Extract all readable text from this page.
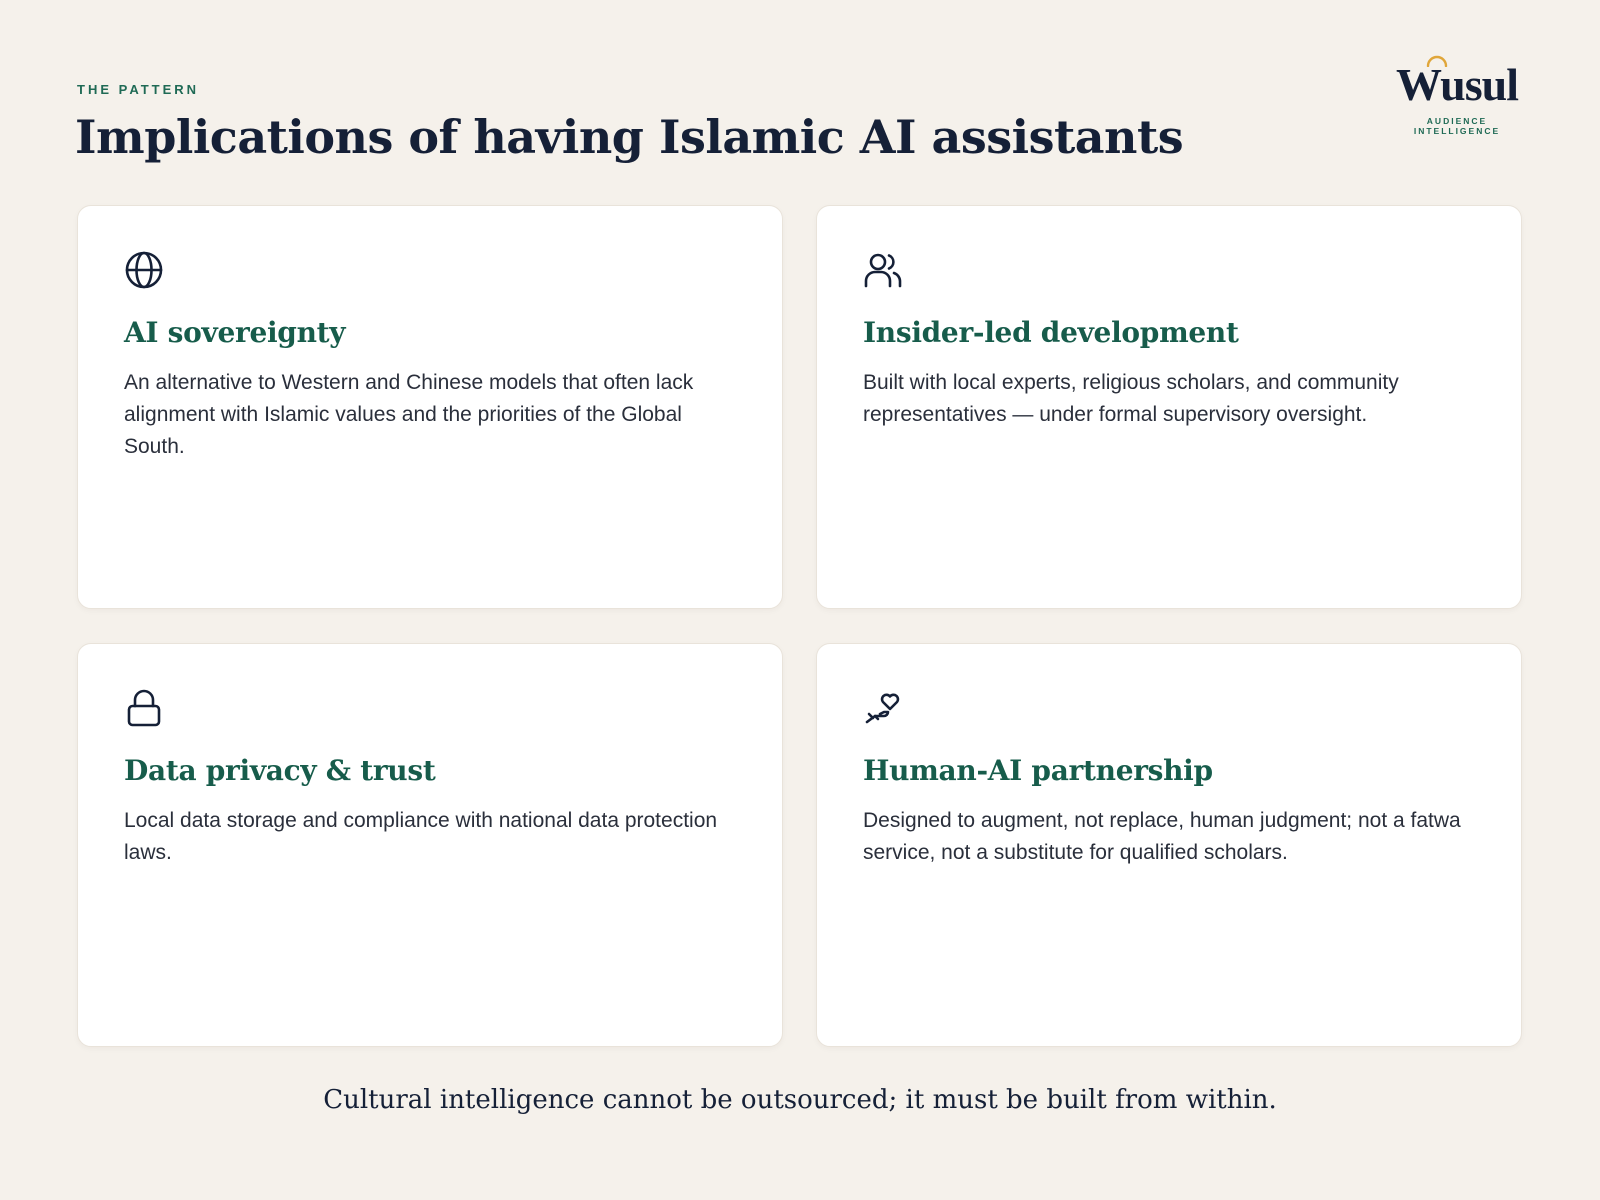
THE PATTERN
Implications of having Islamic AI assistants
Wusul
AUDIENCE INTELLIGENCE
AI sovereignty

An alternative to Western and Chinese models that often lack alignment with Islamic values and the priorities of the Global South.

Insider-led development

Built with local experts, religious scholars, and community representatives — under formal supervisory oversight.

Data privacy & trust

Local data storage and compliance with national data protection laws.

Human-AI partnership

Designed to augment, not replace, human judgment; not a fatwa service, not a substitute for qualified scholars.

Cultural intelligence cannot be outsourced; it must be built from within.
